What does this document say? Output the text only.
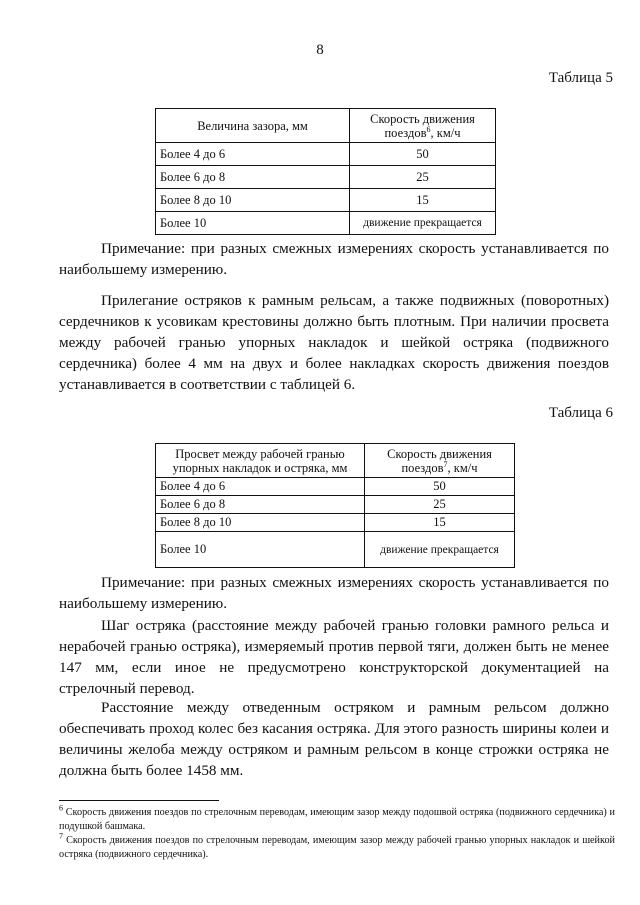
8
Таблица 5
Величина зазора, мм	Скорость движения поездов$^6$, км/ч
Более 4 до 6	50
Более 6 до 8	25
Более 8 до 10	15
Более 10	движение прекращается

Примечание: при разных смежных измерениях скорость устанавливается по наибольшему измерению.

Прилегание остряков к рамным рельсам, а также подвижных (поворотных) сердечников к усовикам крестовины должно быть плотным. При наличии просвета между рабочей гранью упорных накладок и шейкой остряка (подвижного сердечника) более 4 мм на двух и более накладках скорость движения поездов устанавливается в соответствии с таблицей 6.

Таблица 6
Просвет между рабочей гранью упорных накладок и остряка, мм	Скорость движения поездов$^7$, км/ч
Более 4 до 6	50
Более 6 до 8	25
Более 8 до 10	15
Более 10	движение прекращается

Примечание: при разных смежных измерениях скорость устанавливается по наибольшему измерению.

Шаг остряка (расстояние между рабочей гранью головки рамного рельса и нерабочей гранью остряка), измеряемый против первой тяги, должен быть не менее 147 мм, если иное не предусмотрено конструкторской документацией на стрелочный перевод.

Расстояние между отведенным остряком и рамным рельсом должно обеспечивать проход колес без касания остряка. Для этого разность ширины колеи и величины желоба между остряком и рамным рельсом в конце строжки остряка не должна быть более 1458 мм.

$^6$ Скорость движения поездов по стрелочным переводам, имеющим зазор между подошвой остряка (подвижного сердечника) и подушкой башмака.

$^7$ Скорость движения поездов по стрелочным переводам, имеющим зазор между рабочей гранью упорных накладок и шейкой остряка (подвижного сердечника).
